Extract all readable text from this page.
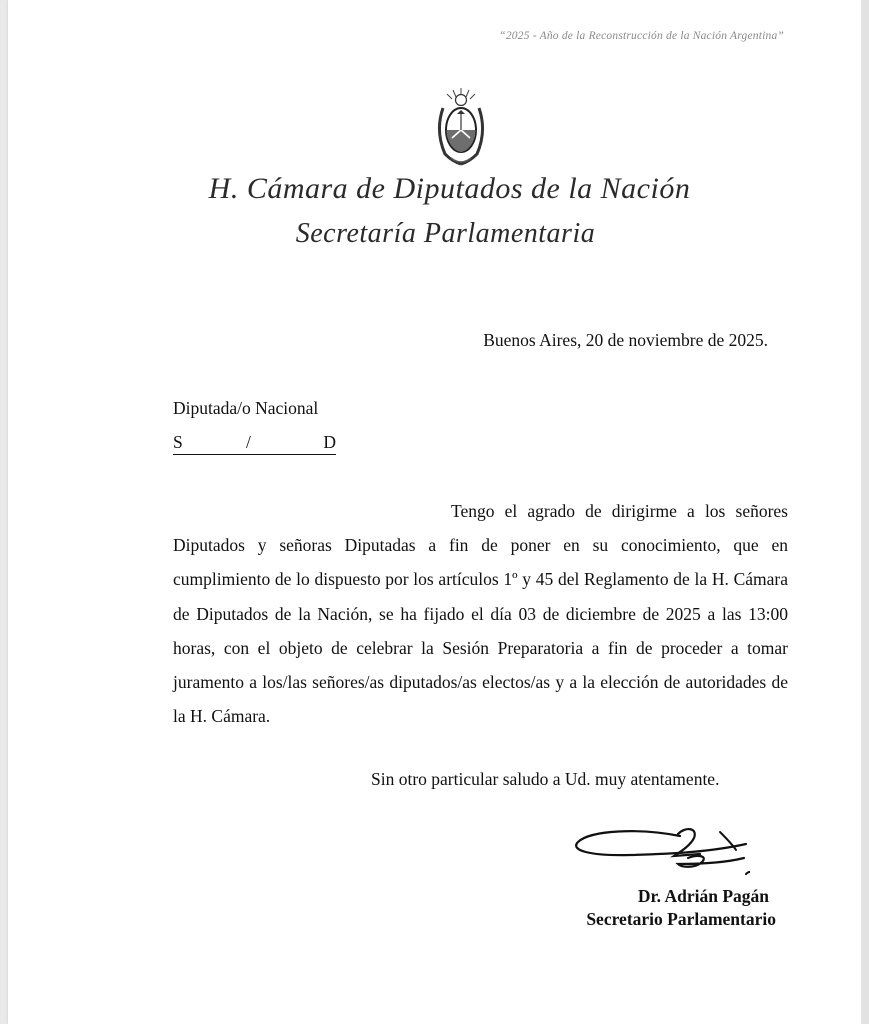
“2025 - Año de la Reconstrucción de la Nación Argentina”
H. Cámara de Diputados de la Nación
Secretaría Parlamentaria
Buenos Aires, 20 de noviembre de 2025.
Diputada/o Nacional
S	/	D

Tengo el agrado de dirigirme a los señores Diputados y señoras Diputadas a fin de poner en su conocimiento, que en cumplimiento de lo dispuesto por los artículos 1º y 45 del Reglamento de la H. Cámara de Diputados de la Nación, se ha fijado el día 03 de diciembre de 2025 a las 13:00 horas, con el objeto de celebrar la Sesión Preparatoria a fin de proceder a tomar juramento a los/las señores/as diputados/as electos/as y a la elección de autoridades de la H. Cámara.

Sin otro particular saludo a Ud. muy atentamente.
Dr. Adrián Pagán
Secretario Parlamentario
